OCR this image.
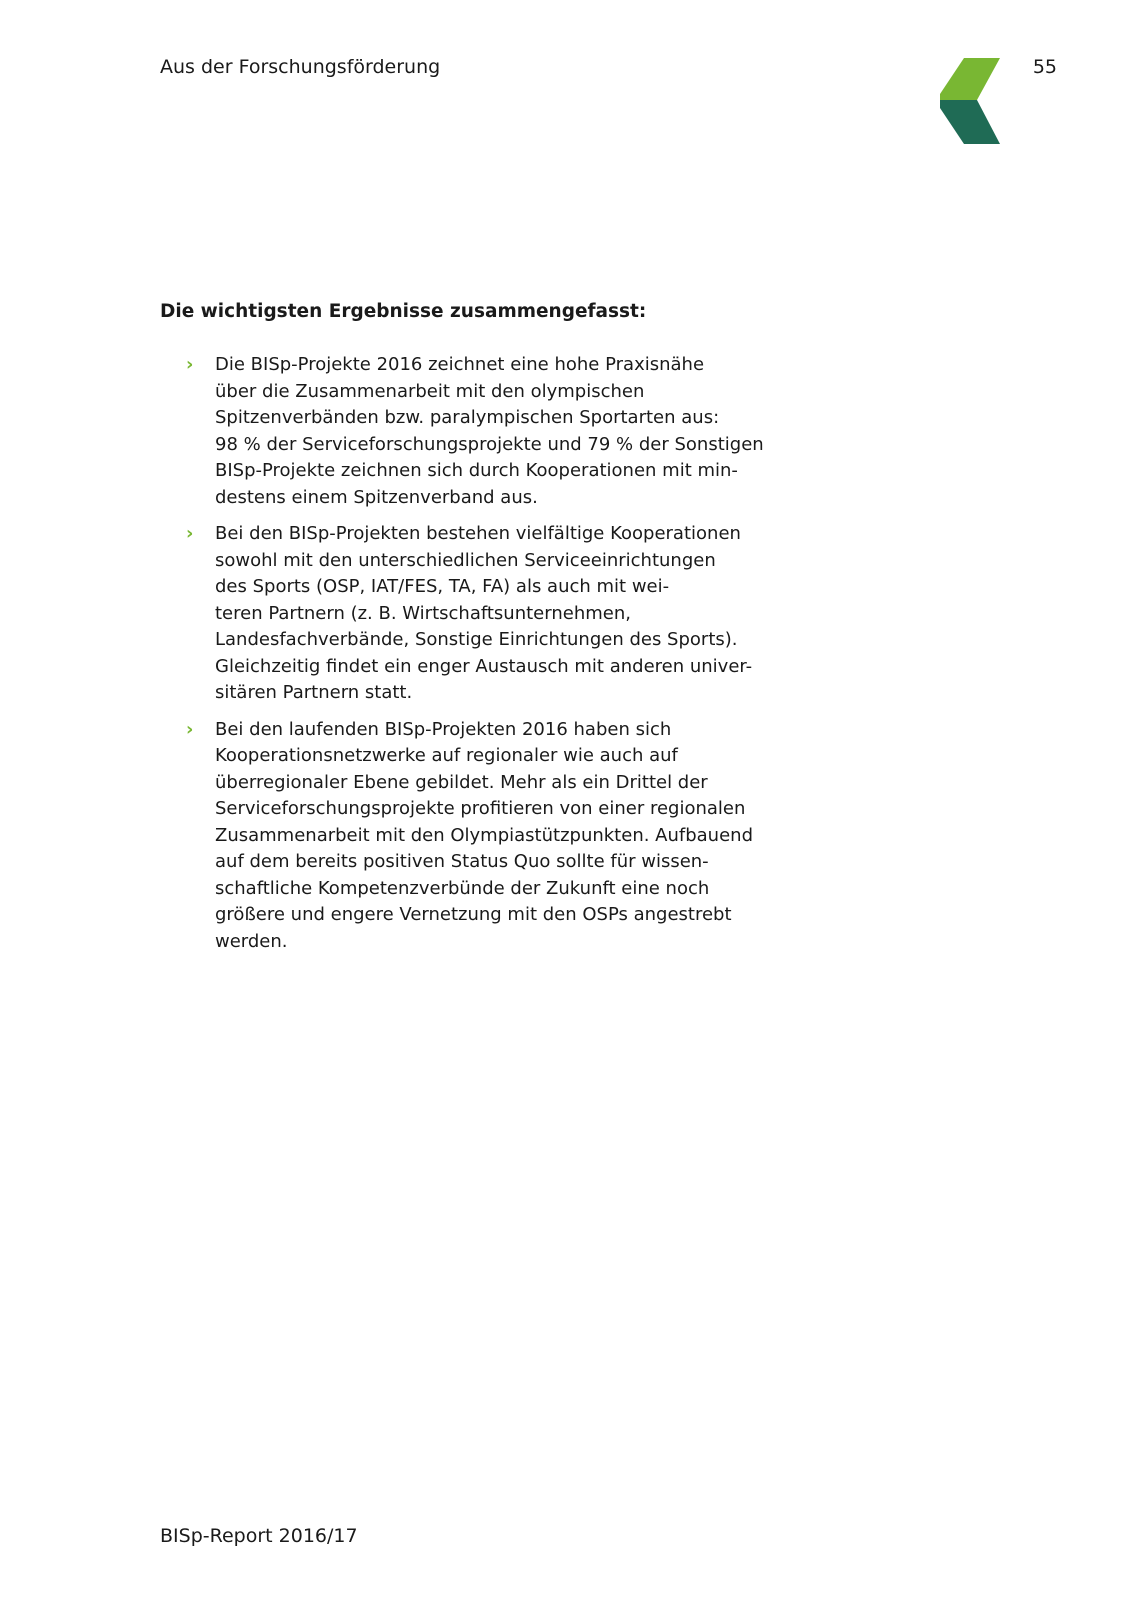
Aus der Forschungsförderung	55
Die wichtigsten Ergebnisse zusammengefasst:
› Die BISp-Projekte 2016 zeichnet eine hohe Praxisnähe
über die Zusammenarbeit mit den olympischen
Spitzenverbänden bzw. paralympischen Sportarten aus:
98 % der Serviceforschungsprojekte und 79 % der Sonstigen
BISp-Projekte zeichnen sich durch Kooperationen mit min-
destens einem Spitzenverband aus.
› Bei den BISp-Projekten bestehen vielfältige Kooperationen
sowohl mit den unterschiedlichen Serviceeinrichtungen
des Sports (OSP, IAT/FES, TA, FA) als auch mit wei-
teren Partnern (z. B. Wirtschaftsunternehmen,
Landesfachverbände, Sonstige Einrichtungen des Sports).
Gleichzeitig findet ein enger Austausch mit anderen univer-
sitären Partnern statt.
› Bei den laufenden BISp-Projekten 2016 haben sich
Kooperationsnetzwerke auf regionaler wie auch auf
überregionaler Ebene gebildet. Mehr als ein Drittel der
Serviceforschungsprojekte profitieren von einer regionalen
Zusammenarbeit mit den Olympiastützpunkten. Aufbauend
auf dem bereits positiven Status Quo sollte für wissen-
schaftliche Kompetenzverbünde der Zukunft eine noch
größere und engere Vernetzung mit den OSPs angestrebt
werden.
BISp-Report 2016/17
